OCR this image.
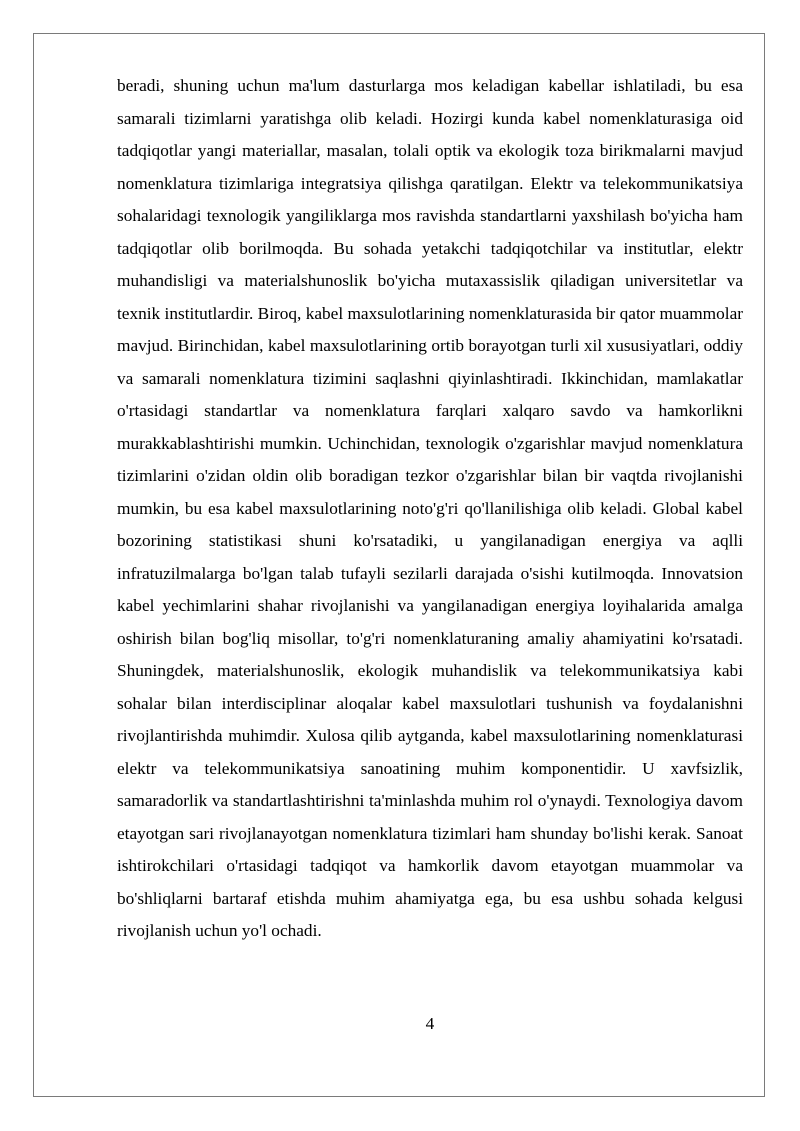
beradi, shuning uchun ma'lum dasturlarga mos keladigan kabellar ishlatiladi, bu esa samarali tizimlarni yaratishga olib keladi. Hozirgi kunda kabel nomenklaturasiga oid tadqiqotlar yangi materiallar, masalan, tolali optik va ekologik toza birikmalarni mavjud nomenklatura tizimlariga integratsiya qilishga qaratilgan. Elektr va telekommunikatsiya sohalaridagi texnologik yangiliklarga mos ravishda standartlarni yaxshilash bo'yicha ham tadqiqotlar olib borilmoqda. Bu sohada yetakchi tadqiqotchilar va institutlar, elektr muhandisligi va materialshunoslik bo'yicha mutaxassislik qiladigan universitetlar va texnik institutlardir. Biroq, kabel maxsulotlarining nomenklaturasida bir qator muammolar mavjud. Birinchidan, kabel maxsulotlarining ortib borayotgan turli xil xususiyatlari, oddiy va samarali nomenklatura tizimini saqlashni qiyinlashtiradi. Ikkinchidan, mamlakatlar o'rtasidagi standartlar va nomenklatura farqlari xalqaro savdo va hamkorlikni murakkablashtirishi mumkin. Uchinchidan, texnologik o'zgarishlar mavjud nomenklatura tizimlarini o'zidan oldin olib boradigan tezkor o'zgarishlar bilan bir vaqtda rivojlanishi mumkin, bu esa kabel maxsulotlarining noto'g'ri qo'llanilishiga olib keladi. Global kabel bozorining statistikasi shuni ko'rsatadiki, u yangilanadigan energiya va aqlli infratuzilmalarga bo'lgan talab tufayli sezilarli darajada o'sishi kutilmoqda. Innovatsion kabel yechimlarini shahar rivojlanishi va yangilanadigan energiya loyihalarida amalga oshirish bilan bog'liq misollar, to'g'ri nomenklaturaning amaliy ahamiyatini ko'rsatadi. Shuningdek, materialshunoslik, ekologik muhandislik va telekommunikatsiya kabi sohalar bilan interdisciplinar aloqalar kabel maxsulotlari tushunish va foydalanishni rivojlantirishda muhimdir. Xulosa qilib aytganda, kabel maxsulotlarining nomenklaturasi elektr va telekommunikatsiya sanoatining muhim komponentidir. U xavfsizlik, samaradorlik va standartlashtirishni ta'minlashda muhim rol o'ynaydi. Texnologiya davom etayotgan sari rivojlanayotgan nomenklatura tizimlari ham shunday bo'lishi kerak. Sanoat ishtirokchilari o'rtasidagi tadqiqot va hamkorlik davom etayotgan muammolar va bo'shliqlarni bartaraf etishda muhim ahamiyatga ega, bu esa ushbu sohada kelgusi rivojlanish uchun yo'l ochadi.

4
